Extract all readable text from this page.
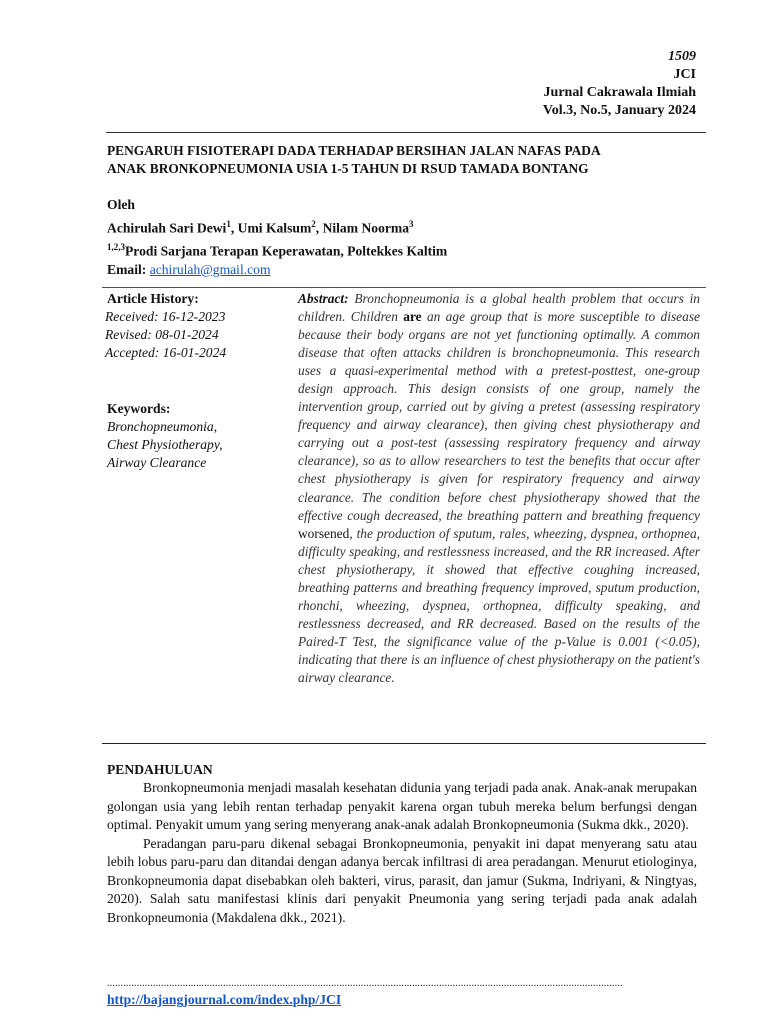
1509
JCI
Jurnal Cakrawala Ilmiah
Vol.3, No.5, January 2024
PENGARUH FISIOTERAPI DADA TERHADAP BERSIHAN JALAN NAFAS PADA
ANAK BRONKOPNEUMONIA USIA 1-5 TAHUN DI RSUD TAMADA BONTANG
Oleh
Achirulah Sari Dewi$^1$, Umi Kalsum$^2$, Nilam Noorma$^3$
$^{1,2,3}$Prodi Sarjana Terapan Keperawatan, Poltekkes Kaltim
Email: achirulah@gmail.com
Article History:
Received: 16-12-2023
Revised: 08-01-2024
Accepted: 16-01-2024
Keywords:
Bronchopneumonia,
Chest Physiotherapy,
Airway Clearance
Abstract: Bronchopneumonia is a global health problem that occurs in children. Children are an age group that is more susceptible to disease because their body organs are not yet functioning optimally. A common disease that often attacks children is bronchopneumonia. This research uses a quasi-experimental method with a pretest-posttest, one-group design approach. This design consists of one group, namely the intervention group, carried out by giving a pretest (assessing respiratory frequency and airway clearance), then giving chest physiotherapy and carrying out a post-test (assessing respiratory frequency and airway clearance), so as to allow researchers to test the benefits that occur after chest physiotherapy is given for respiratory frequency and airway clearance. The condition before chest physiotherapy showed that the effective cough decreased, the breathing pattern and breathing frequency worsened, the production of sputum, rales, wheezing, dyspnea, orthopnea, difficulty speaking, and restlessness increased, and the RR increased. After chest physiotherapy, it showed that effective coughing increased, breathing patterns and breathing frequency improved, sputum production, rhonchi, wheezing, dyspnea, orthopnea, difficulty speaking, and restlessness decreased, and RR decreased. Based on the results of the Paired-T Test, the significance value of the p-Value is 0.001 (<0.05), indicating that there is an influence of chest physiotherapy on the patient's airway clearance.
PENDAHULUAN

Bronkopneumonia menjadi masalah kesehatan didunia yang terjadi pada anak. Anak-anak merupakan golongan usia yang lebih rentan terhadap penyakit karena organ tubuh mereka belum berfungsi dengan optimal. Penyakit umum yang sering menyerang anak-anak adalah Bronkopneumonia (Sukma dkk., 2020).

Peradangan paru-paru dikenal sebagai Bronkopneumonia, penyakit ini dapat menyerang satu atau lebih lobus paru-paru dan ditandai dengan adanya bercak infiltrasi di area peradangan. Menurut etiologinya, Bronkopneumonia dapat disebabkan oleh bakteri, virus, parasit, dan jamur (Sukma, Indriyani, & Ningtyas, 2020). Salah satu manifestasi klinis dari penyakit Pneumonia yang sering terjadi pada anak adalah Bronkopneumonia (Makdalena dkk., 2021).

...............................................................................................................................................................................................
http://bajangjournal.com/index.php/JCI
